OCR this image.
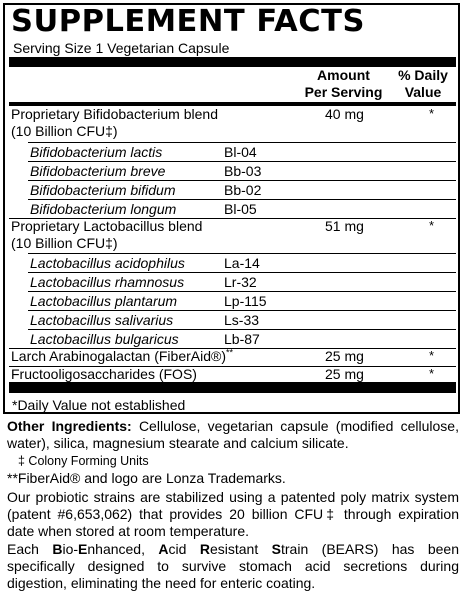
SUPPLEMENT FACTS
Serving Size 1 Vegetarian Capsule
Amount
Per Serving
% Daily
Value
Proprietary Bifidobacterium blend
(10 Billion CFU‡)
40 mg	*
Bifidobacterium lactis	Bl-04
Bifidobacterium breve	Bb-03
Bifidobacterium bifidum	Bb-02
Bifidobacterium longum	Bl-05
Proprietary Lactobacillus blend
(10 Billion CFU‡)
51 mg	*
Lactobacillus acidophilus	La-14
Lactobacillus rhamnosus	Lr-32
Lactobacillus plantarum	Lp-115
Lactobacillus salivarius	Ls-33
Lactobacillus bulgaricus	Lb-87
Larch Arabinogalactan (FiberAid®)**	25 mg	*
Fructooligosaccharides (FOS)	25 mg	*
*Daily Value not established
Other Ingredients: Cellulose, vegetarian capsule (modified cellulose, water), silica, magnesium stearate and calcium silicate.
‡ Colony Forming Units
**FiberAid® and logo are Lonza Trademarks.
Our probiotic strains are stabilized using a patented poly matrix system (patent #6,653,062) that provides 20 billion CFU‡ through expiration date when stored at room temperature.
Each Bio-Enhanced, Acid Resistant Strain (BEARS) has been specifically designed to survive stomach acid secretions during digestion, eliminating the need for enteric coating.
